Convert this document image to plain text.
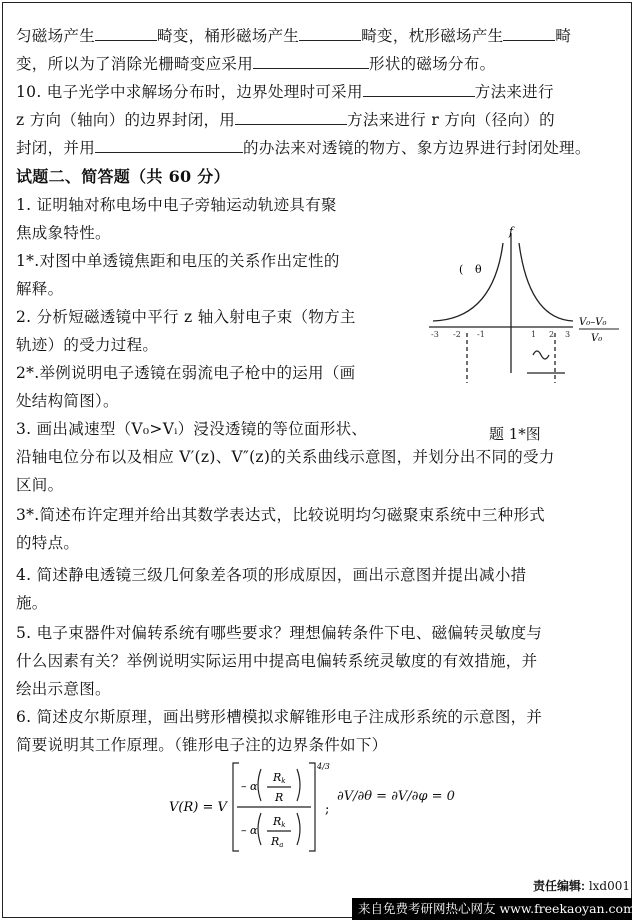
匀磁场产生	畸变，桶形磁场产生	畸变，枕形磁场产生	畸
变，所以为了消除光栅畸变应采用	形状的磁场分布。
10. 电子光学中求解场分布时，边界处理时可采用	方法来进行
z 方向（轴向）的边界封闭，用	方法来进行 r 方向（径向）的
封闭，并用	的办法来对透镜的物方、象方边界进行封闭处理。
试题二、简答题（共 60 分）
1. 证明轴对称电场中电子旁轴运动轨迹具有聚
焦成象特性。
1*.对图中单透镜焦距和电压的关系作出定性的
解释。
2. 分析短磁透镜中平行 z 轴入射电子束（物方主
轨迹）的受力过程。
2*.举例说明电子透镜在弱流电子枪中的运用（画
处结构简图）。
3. 画出减速型（V₀>Vᵢ）浸没透镜的等位面形状、
沿轴电位分布以及相应 V′(z)、V″(z)的关系曲线示意图，并划分出不同的受力
区间。
3*.简述布许定理并给出其数学表达式，比较说明均匀磁聚束系统中三种形式
的特点。
4. 简述静电透镜三级几何象差各项的形成原因，画出示意图并提出减小措
施。
5. 电子束器件对偏转系统有哪些要求？理想偏转条件下电、磁偏转灵敏度与
什么因素有关？举例说明实际运用中提高电偏转系统灵敏度的有效措施，并
绘出示意图。
6. 简述皮尔斯原理，画出劈形槽模拟求解锥形电子注成形系统的示意图，并
简要说明其工作原理。（锥形电子注的边界条件如下）
f
( θ
V₀–V₀
V₀
-3 -2 -1	1 2 3
题 1*图
V(R) = V
– α
Rk
R
– α
Rk
Ra
4/3
;
∂V/∂θ = ∂V/∂φ = 0
责任编辑: lxd001
来自免费考研网热心网友 www.freekaoyan.com
